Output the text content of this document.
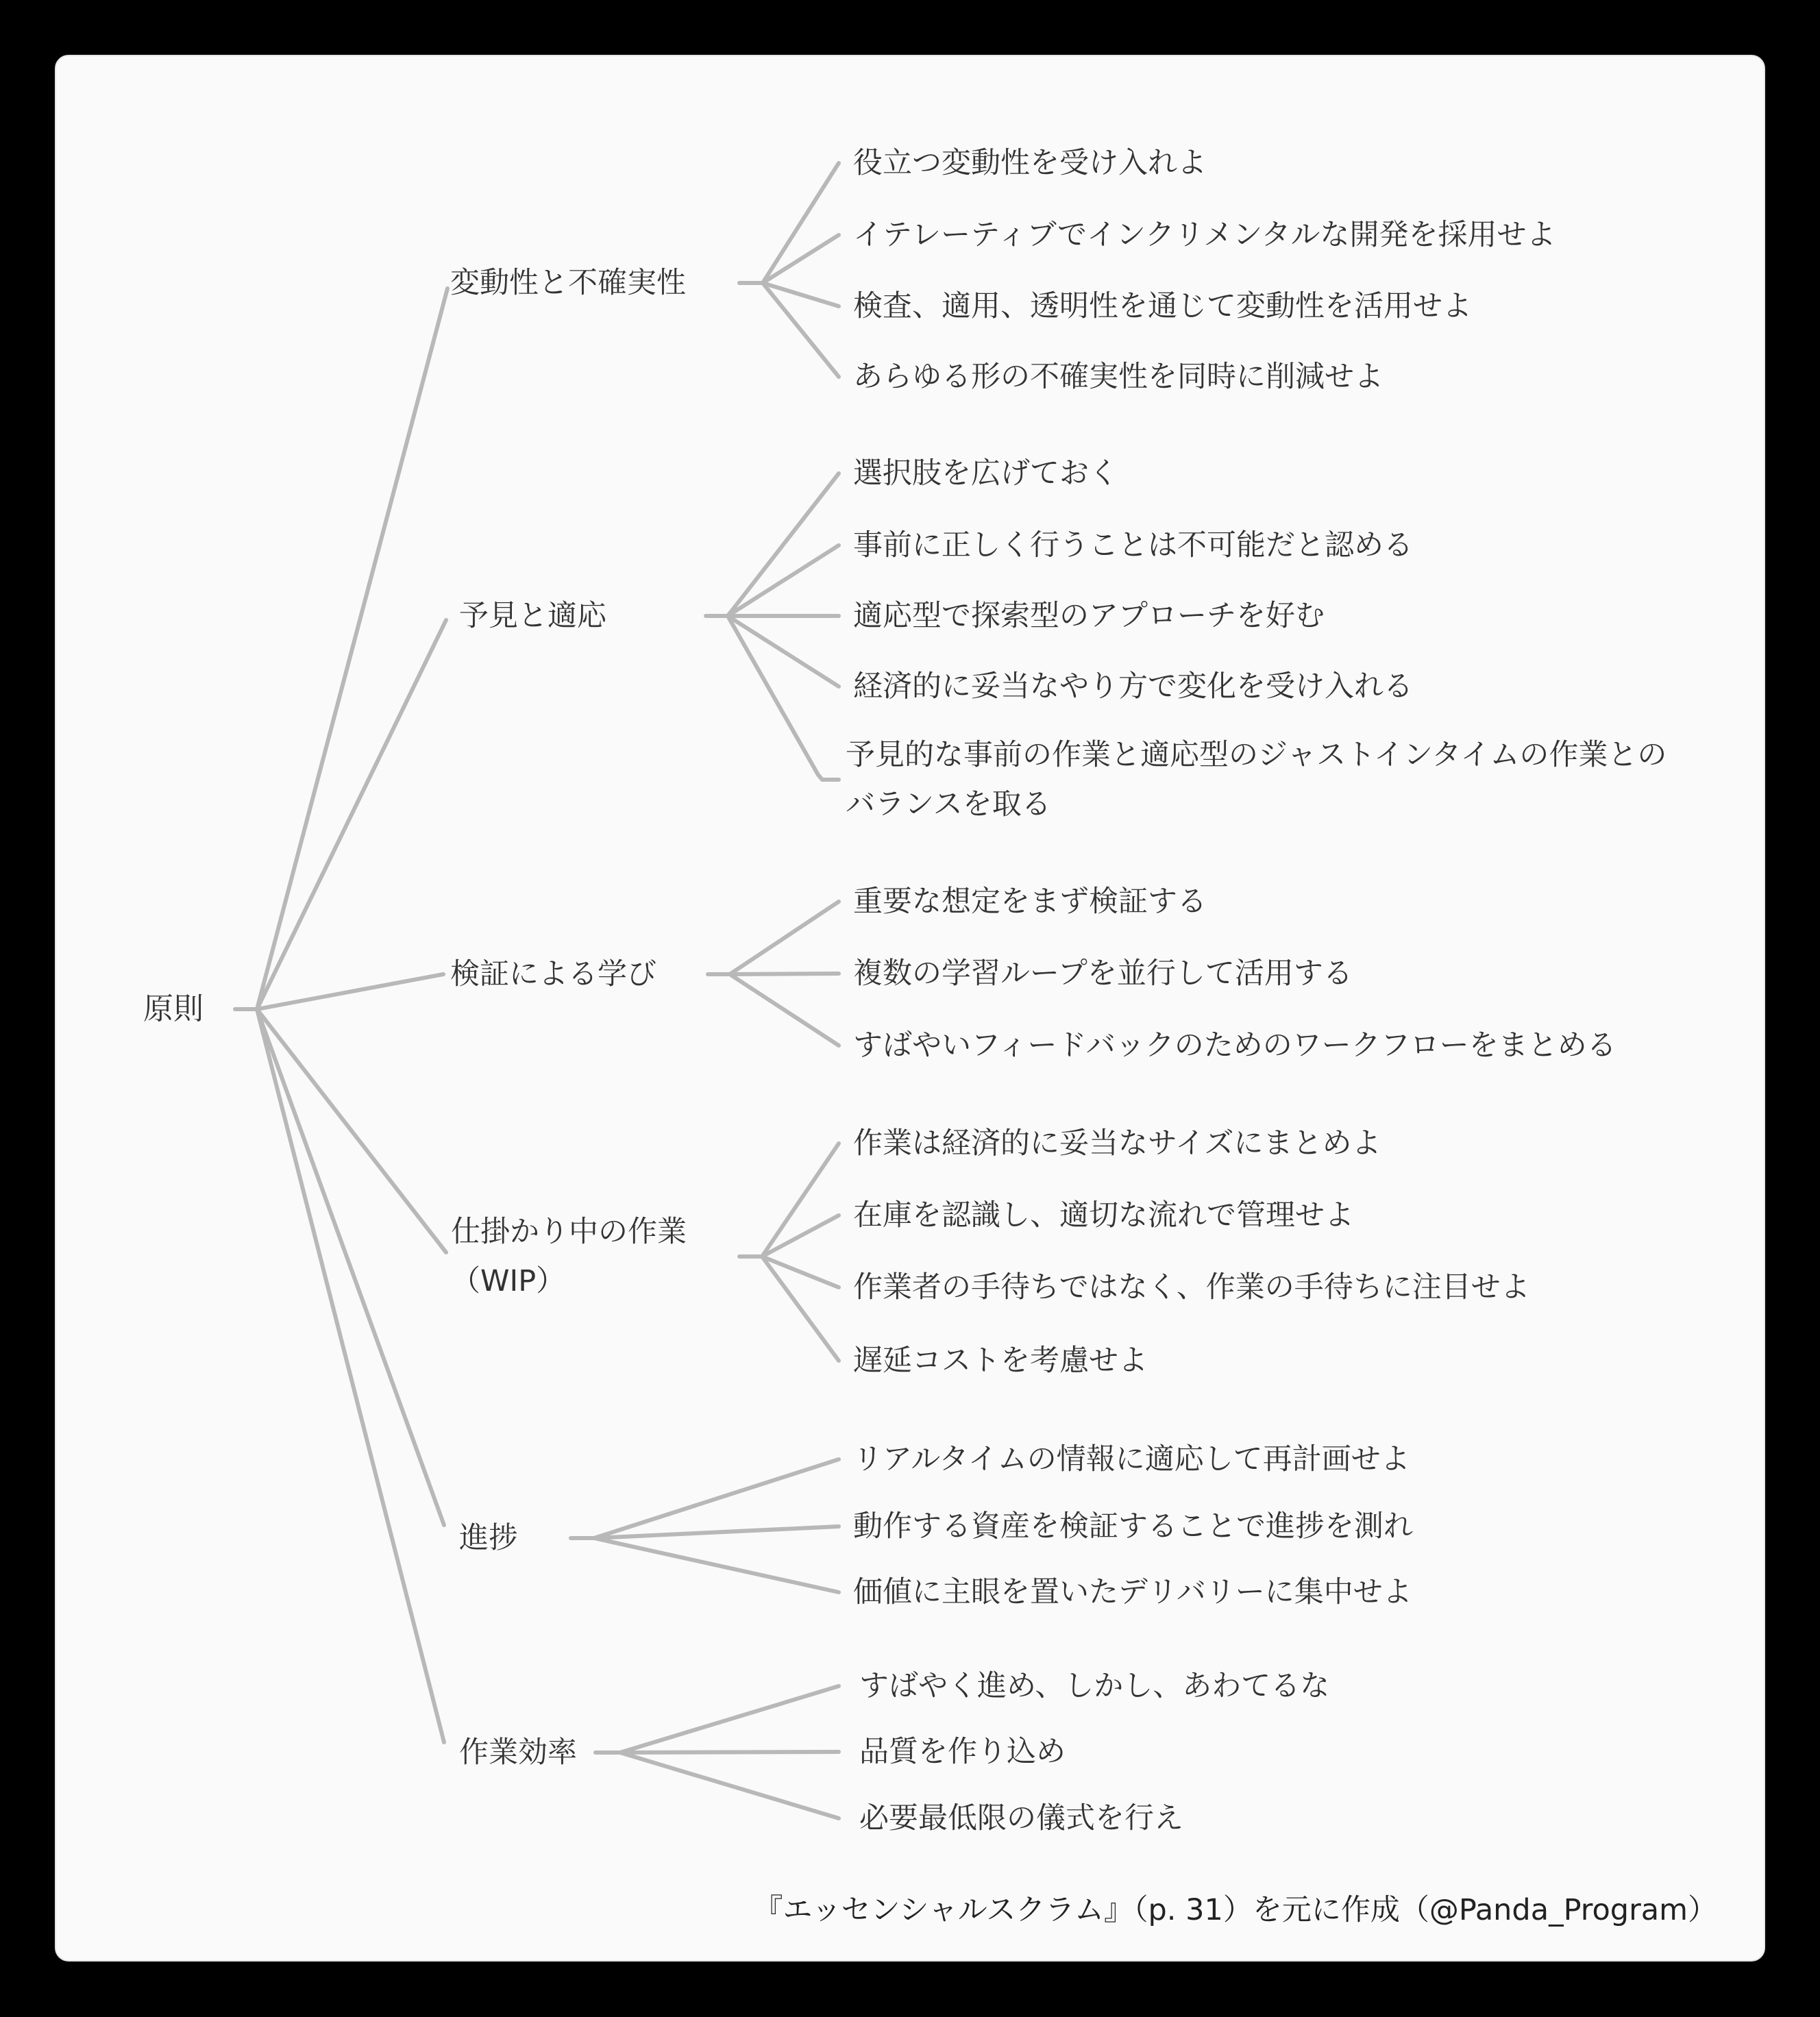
原則
変動性と不確実性
役立つ変動性を受け入れよ
イテレーティブでインクリメンタルな開発を採用せよ
検査、適用、透明性を通じて変動性を活用せよ
あらゆる形の不確実性を同時に削減せよ
予見と適応
選択肢を広げておく
事前に正しく行うことは不可能だと認める
適応型で探索型のアプローチを好む
経済的に妥当なやり方で変化を受け入れる
予見的な事前の作業と適応型のジャストインタイムの作業とのバランスを取る
検証による学び
重要な想定をまず検証する
複数の学習ループを並行して活用する
すばやいフィードバックのためのワークフローをまとめる
仕掛かり中の作業
（WIP）
作業は経済的に妥当なサイズにまとめよ
在庫を認識し、適切な流れで管理せよ
作業者の手待ちではなく、作業の手待ちに注目せよ
遅延コストを考慮せよ
進捗
リアルタイムの情報に適応して再計画せよ
動作する資産を検証することで進捗を測れ
価値に主眼を置いたデリバリーに集中せよ
作業効率
すばやく進め、しかし、あわてるな
品質を作り込め
必要最低限の儀式を行え
『エッセンシャルスクラム』（p. 31）を元に作成（@Panda_Program）
